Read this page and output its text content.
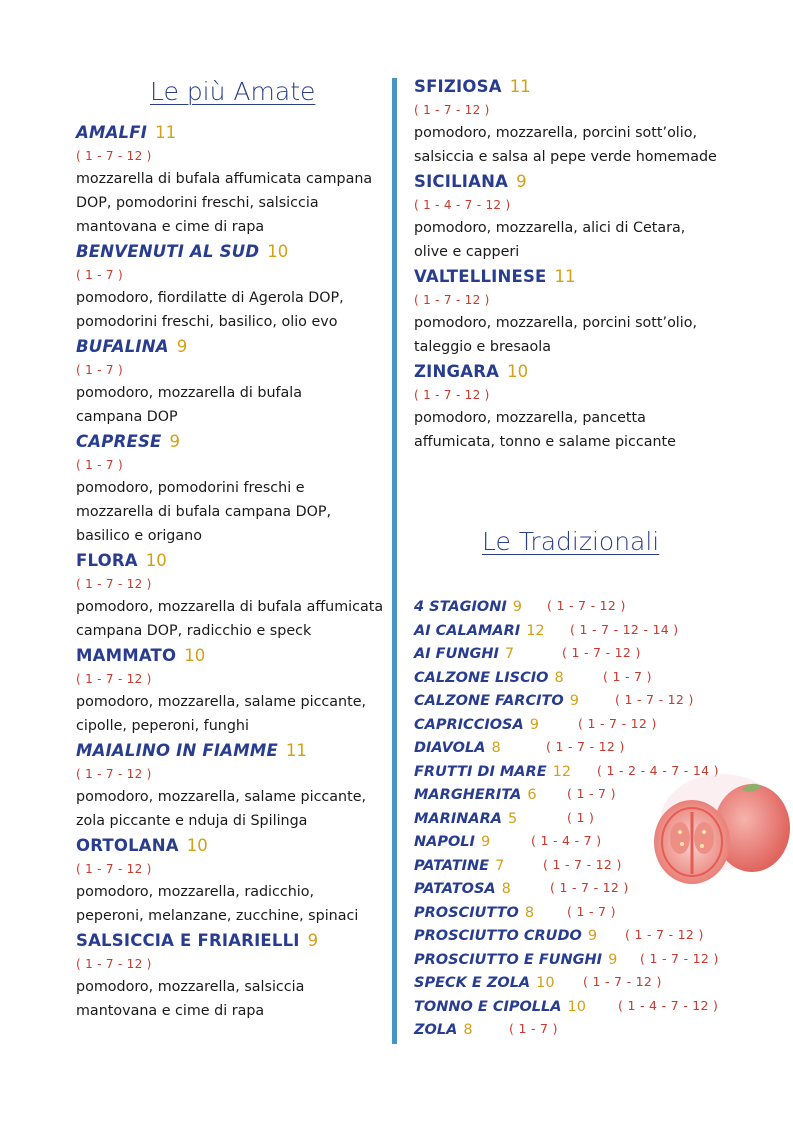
Le più Amate
AMALFI 11
( 1 - 7 - 12 )
mozzarella di bufala affumicata campana
DOP, pomodorini freschi, salsiccia
mantovana e cime di rapa
BENVENUTI AL SUD 10
( 1 - 7 )
pomodoro, fiordilatte di Agerola DOP,
pomodorini freschi, basilico, olio evo
BUFALINA 9
( 1 - 7 )
pomodoro, mozzarella di bufala
campana DOP
CAPRESE 9
( 1 - 7 )
pomodoro, pomodorini freschi e
mozzarella di bufala campana DOP,
basilico e origano
FLORA 10
( 1 - 7 - 12 )
pomodoro, mozzarella di bufala affumicata
campana DOP, radicchio e speck
MAMMATO 10
( 1 - 7 - 12 )
pomodoro, mozzarella, salame piccante,
cipolle, peperoni, funghi
MAIALINO IN FIAMME 11
( 1 - 7 - 12 )
pomodoro, mozzarella, salame piccante,
zola piccante e nduja di Spilinga
ORTOLANA 10
( 1 - 7 - 12 )
pomodoro, mozzarella, radicchio,
peperoni, melanzane, zucchine, spinaci
SALSICCIA E FRIARIELLI 9
( 1 - 7 - 12 )
pomodoro, mozzarella, salsiccia
mantovana e cime di rapa
SFIZIOSA 11
( 1 - 7 - 12 )
pomodoro, mozzarella, porcini sott’olio,
salsiccia e salsa al pepe verde homemade
SICILIANA 9
( 1 - 4 - 7 - 12 )
pomodoro, mozzarella, alici di Cetara,
olive e capperi
VALTELLINESE 11
( 1 - 7 - 12 )
pomodoro, mozzarella, porcini sott’olio,
taleggio e bresaola
ZINGARA 10
( 1 - 7 - 12 )
pomodoro, mozzarella, pancetta
affumicata, tonno e salame piccante
Le Tradizionali
4 STAGIONI 9 ( 1 - 7 - 12 )
AI CALAMARI 12 ( 1 - 7 - 12 - 14 )
AI FUNGHI 7	( 1 - 7 - 12 )
CALZONE LISCIO 8	( 1 - 7 )
CALZONE FARCITO 9	( 1 - 7 - 12 )
CAPRICCIOSA 9	( 1 - 7 - 12 )
DIAVOLA 8	( 1 - 7 - 12 )
FRUTTI DI MARE 12 ( 1 - 2 - 4 - 7 - 14 )
MARGHERITA 6 ( 1 - 7 )
MARINARA 5	( 1 )
NAPOLI 9	( 1 - 4 - 7 )
PATATINE 7	( 1 - 7 - 12 )
PATATOSA 8	( 1 - 7 - 12 )
PROSCIUTTO 8	( 1 - 7 )
PROSCIUTTO CRUDO 9 ( 1 - 7 - 12 )
PROSCIUTTO E FUNGHI 9 ( 1 - 7 - 12 )
SPECK E ZOLA 10 ( 1 - 7 - 12 )
TONNO E CIPOLLA 10	( 1 - 4 - 7 - 12 )
ZOLA 8	( 1 - 7 )
